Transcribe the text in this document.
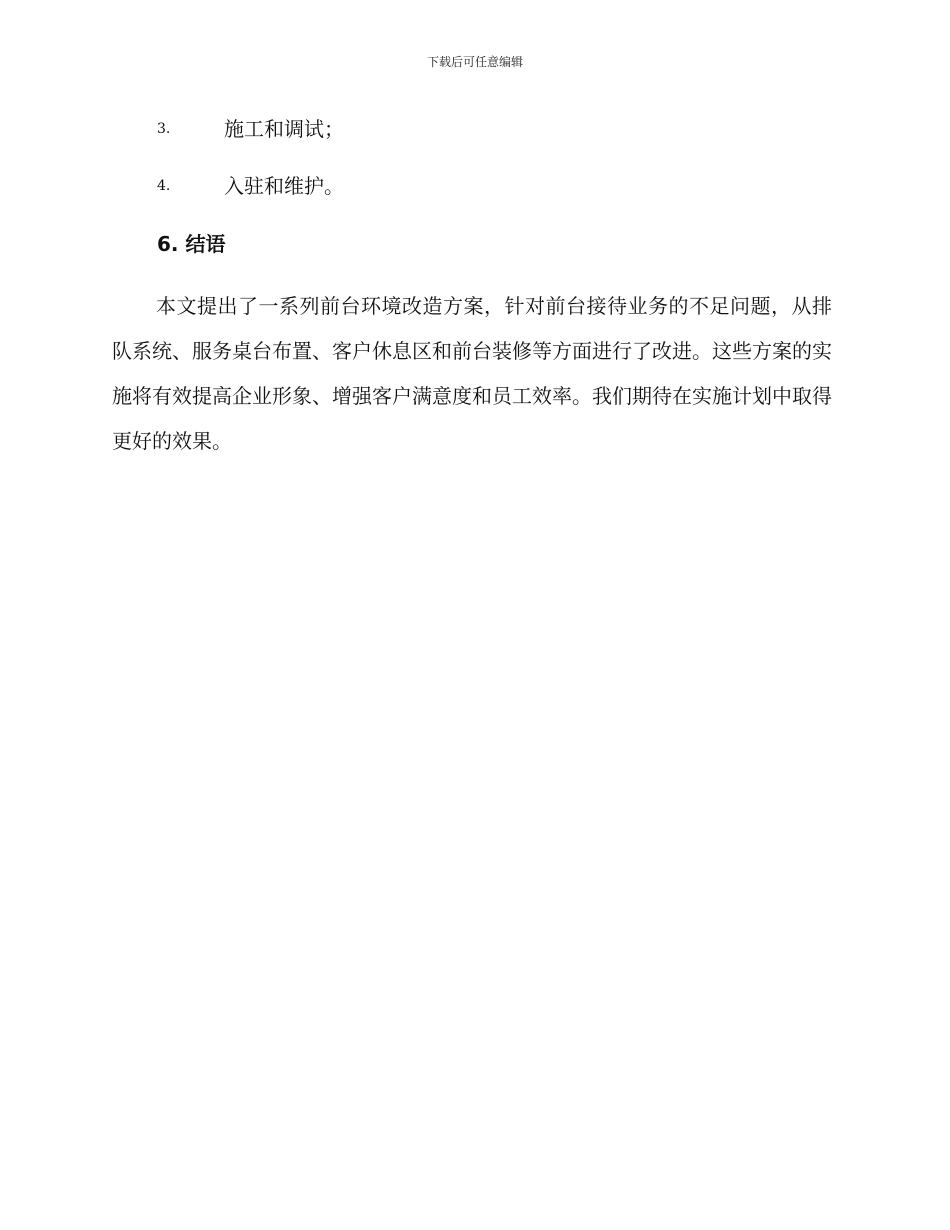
下载后可任意编辑
3.	施工和调试；
4.	入驻和维护。
6. 结语

本文提出了一系列前台环境改造方案，针对前台接待业务的不足问题，从排队系统、服务桌台布置、客户休息区和前台装修等方面进行了改进。这些方案的实施将有效提高企业形象、增强客户满意度和员工效率。我们期待在实施计划中取得更好的效果。
